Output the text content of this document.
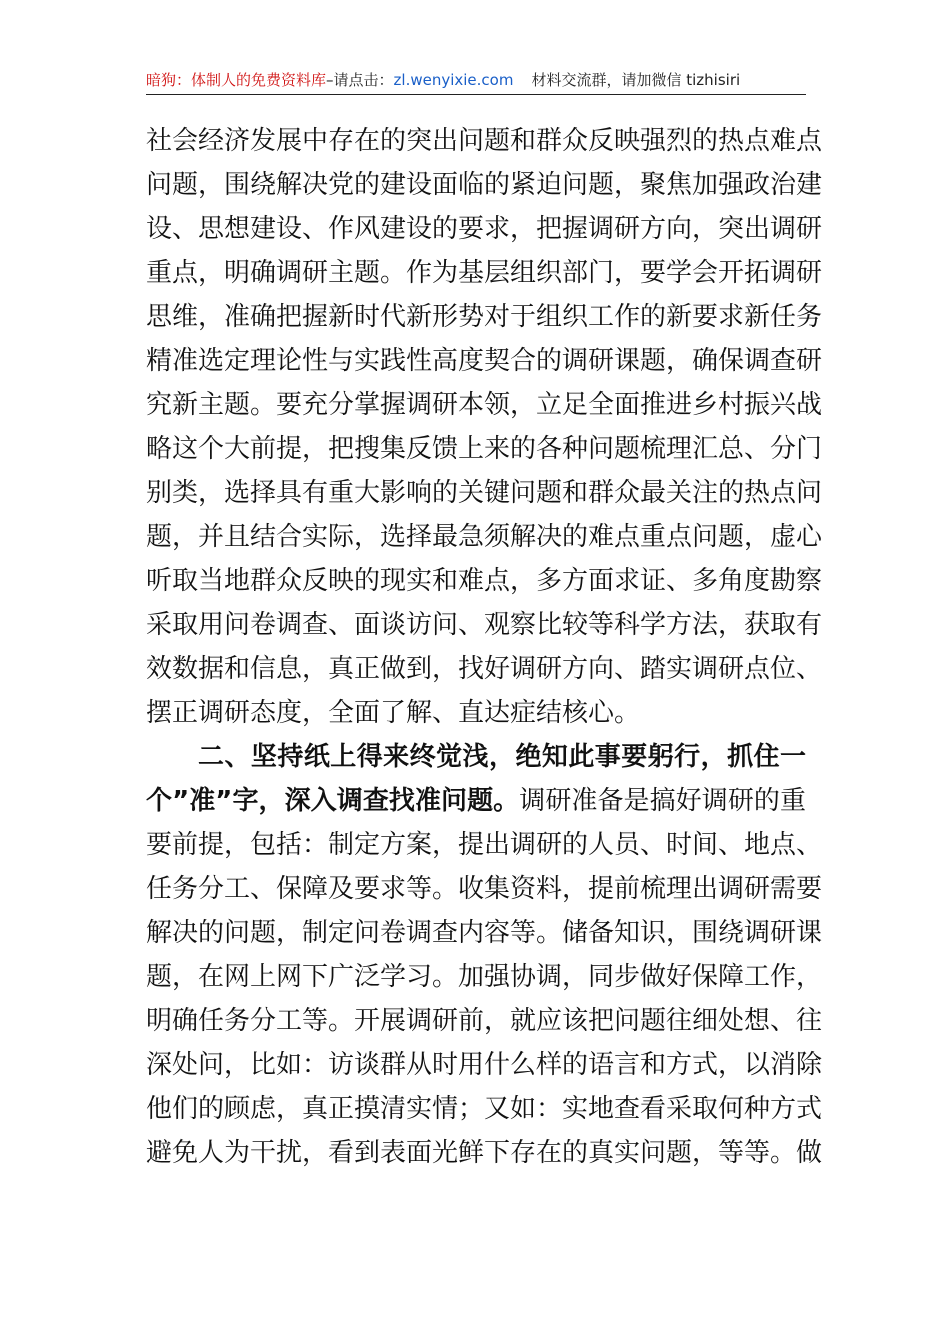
暗狗：体制人的免费资料库–请点击：zl.wenyixie.com 材料交流群，请加微信 tizhisiri
社会经济发展中存在的突出问题和群众反映强烈的热点难点
问题，围绕解决党的建设面临的紧迫问题，聚焦加强政治建
设、思想建设、作风建设的要求，把握调研方向，突出调研
重点，明确调研主题。作为基层组织部门，要学会开拓调研
思维，准确把握新时代新形势对于组织工作的新要求新任务
精准选定理论性与实践性高度契合的调研课题，确保调查研
究新主题。要充分掌握调研本领，立足全面推进乡村振兴战
略这个大前提，把搜集反馈上来的各种问题梳理汇总、分门
别类，选择具有重大影响的关键问题和群众最关注的热点问
题，并且结合实际，选择最急须解决的难点重点问题，虚心
听取当地群众反映的现实和难点，多方面求证、多角度勘察
采取用问卷调查、面谈访问、观察比较等科学方法，获取有
效数据和信息，真正做到，找好调研方向、踏实调研点位、
摆正调研态度，全面了解、直达症结核心。
二、坚持纸上得来终觉浅，绝知此事要躬行，抓住一
个”准”字，深入调查找准问题。调研准备是搞好调研的重
要前提，包括：制定方案，提出调研的人员、时间、地点、
任务分工、保障及要求等。收集资料，提前梳理出调研需要
解决的问题，制定问卷调查内容等。储备知识，围绕调研课
题，在网上网下广泛学习。加强协调，同步做好保障工作，
明确任务分工等。开展调研前，就应该把问题往细处想、往
深处问，比如：访谈群从时用什么样的语言和方式，以消除
他们的顾虑，真正摸清实情；又如：实地查看采取何种方式
避免人为干扰，看到表面光鲜下存在的真实问题，等等。做
